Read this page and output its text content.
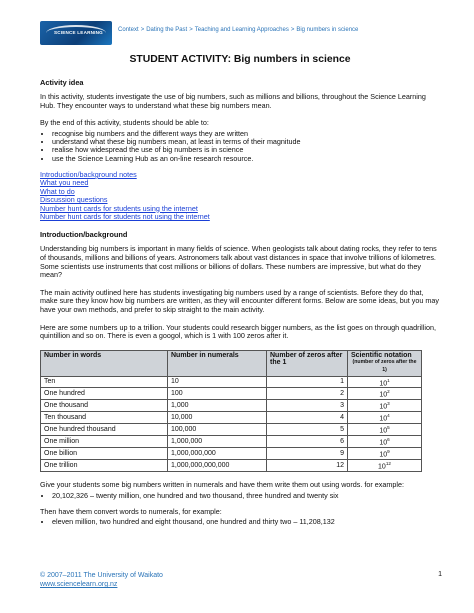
SCIENCE LEARNING	Context > Dating the Past > Teaching and Learning Approaches > Big numbers in science
STUDENT ACTIVITY: Big numbers in science
Activity idea

In this activity, students investigate the use of big numbers, such as millions and billions, throughout the Science Learning Hub. They encounter ways to understand what these big numbers mean.

By the end of this activity, students should be able to:

• recognise big numbers and the different ways they are written
• understand what these big numbers mean, at least in terms of their magnitude
• realise how widespread the use of big numbers is in science
• use the Science Learning Hub as an on-line research resource.
Introduction/background notes
What you need
What to do
Discussion questions
Number hunt cards for students using the internet
Number hunt cards for students not using the internet
Introduction/background

Understanding big numbers is important in many fields of science. When geologists talk about dating rocks, they refer to tens of thousands, millions and billions of years. Astronomers talk about vast distances in space that involve trillions of kilometres. Some scientists use instruments that cost millions or billions of dollars. These numbers are impressive, but what do they mean?

The main activity outlined here has students investigating big numbers used by a range of scientists. Before they do that, make sure they know how big numbers are written, as they will encounter different forms. Below are some ideas, but you may have your own methods, and prefer to skip straight to the main activity.

Here are some numbers up to a trillion. Your students could research bigger numbers, as the list goes on through quadrillion, quintillion and so on. There is even a googol, which is 1 with 100 zeros after it.

Number in words	Number in numerals	Number of zeros after the 1	Scientific notation
(number of zeros after the 1)

Ten	10	1	$10^1$
One hundred	100	2	$10^2$
One thousand	1,000	3	$10^3$
Ten thousand	10,000	4	$10^4$
One hundred thousand	100,000	5	$10^5$
One million	1,000,000	6	$10^6$
One billion	1,000,000,000	9	$10^9$
One trillion	1,000,000,000,000	12	$10^{12}$

Give your students some big numbers written in numerals and have them write them out using words. for example:

• 20,102,326 – twenty million, one hundred and two thousand, three hundred and twenty six

Then have them convert words to numerals, for example:

• eleven million, two hundred and eight thousand, one hundred and thirty two – 11,208,132
© 2007–2011 The University of Waikato
www.sciencelearn.org.nz
1
